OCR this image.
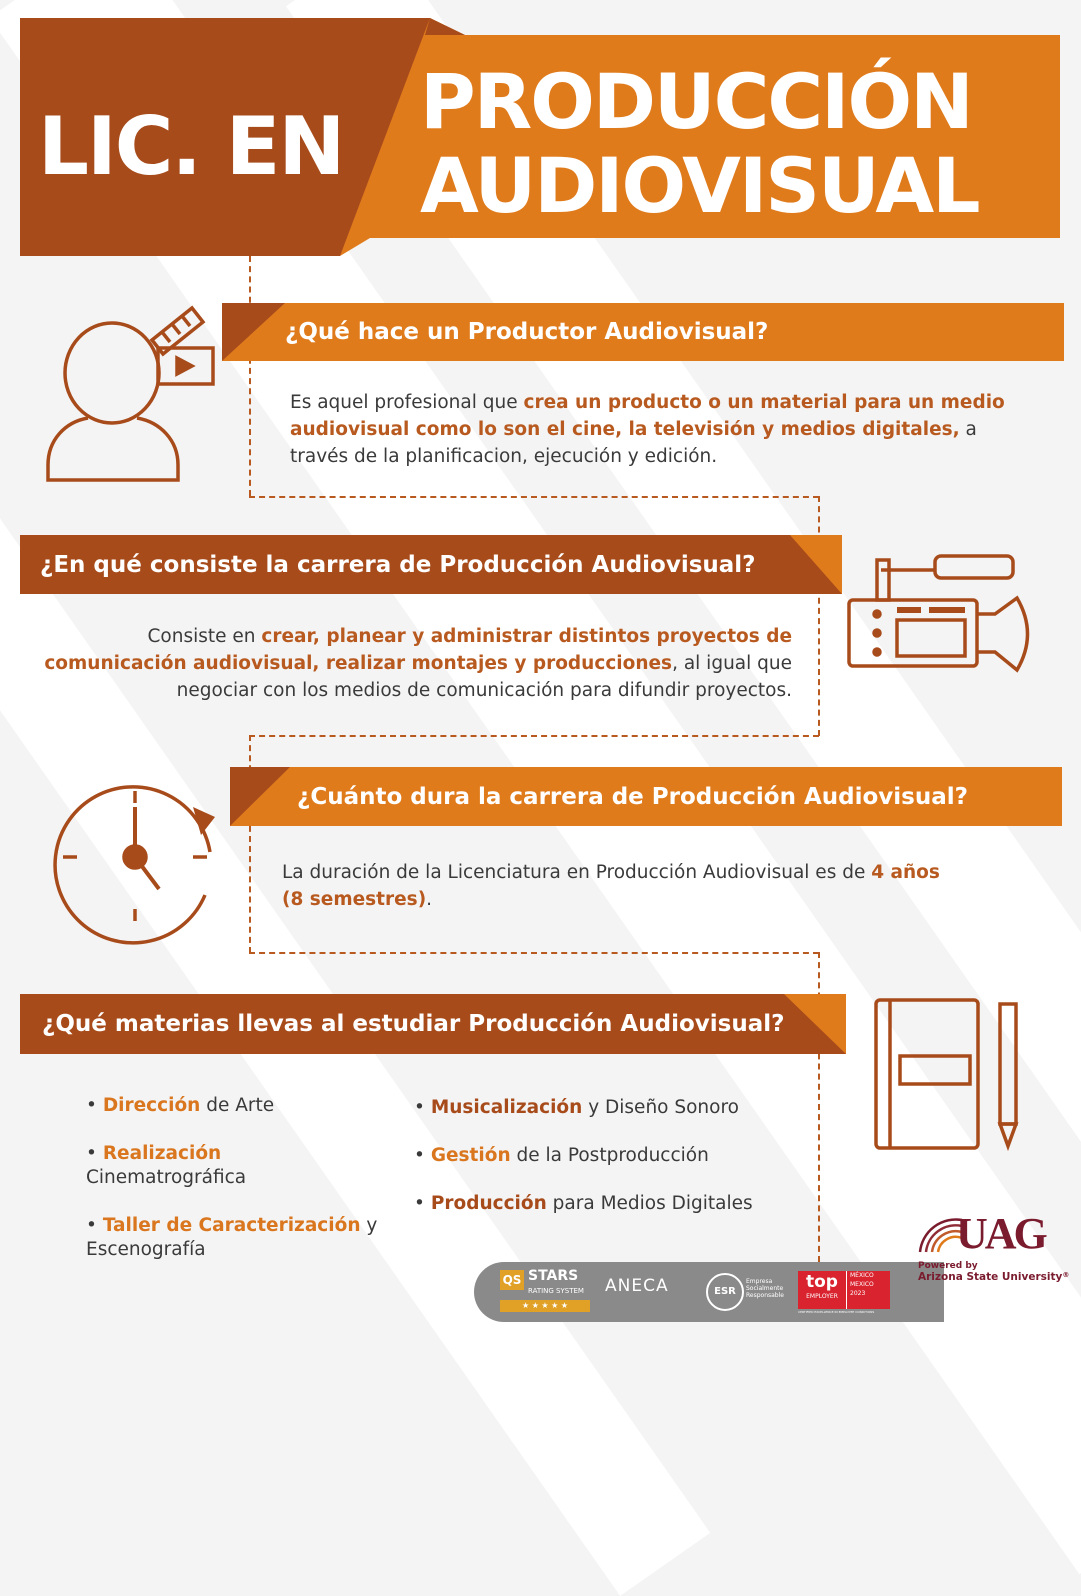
LIC. EN PRODUCCIÓN
AUDIOVISUAL
¿Qué hace un Productor Audiovisual?
¿En qué consiste la carrera de Producción Audiovisual?
¿Cuánto dura la carrera de Producción Audiovisual?
¿Qué materias llevas al estudiar Producción Audiovisual?
Es aquel profesional que crea un producto o un material para un medio audiovisual como lo son el cine, la televisión y medios digitales, a través de la planificacion, ejecución y edición.
Consiste en crear, planear y administrar distintos proyectos de comunicación audiovisual, realizar montajes y producciones, al igual que negociar con los medios de comunicación para difundir proyectos.
La duración de la Licenciatura en Producción Audiovisual es de 4 años (8 semestres).
• Dirección de Arte
• Realización Cinematrográfica
• Taller de Caracterización y Escenografía
• Musicalización y Diseño Sonoro
• Gestión de la Postproducción
• Producción para Medios Digitales
QS STARS
RATING SYSTEM
★ ★ ★ ★ ★
ANECA	ESR
Empresa Socialmente Responsable
top
EMPLOYER
MÉXICO
MEXICO
2023
CERTIFIED EXCELLENCE IN EMPLOYEE CONDITIONS
UAG
Powered by
Arizona State University®
